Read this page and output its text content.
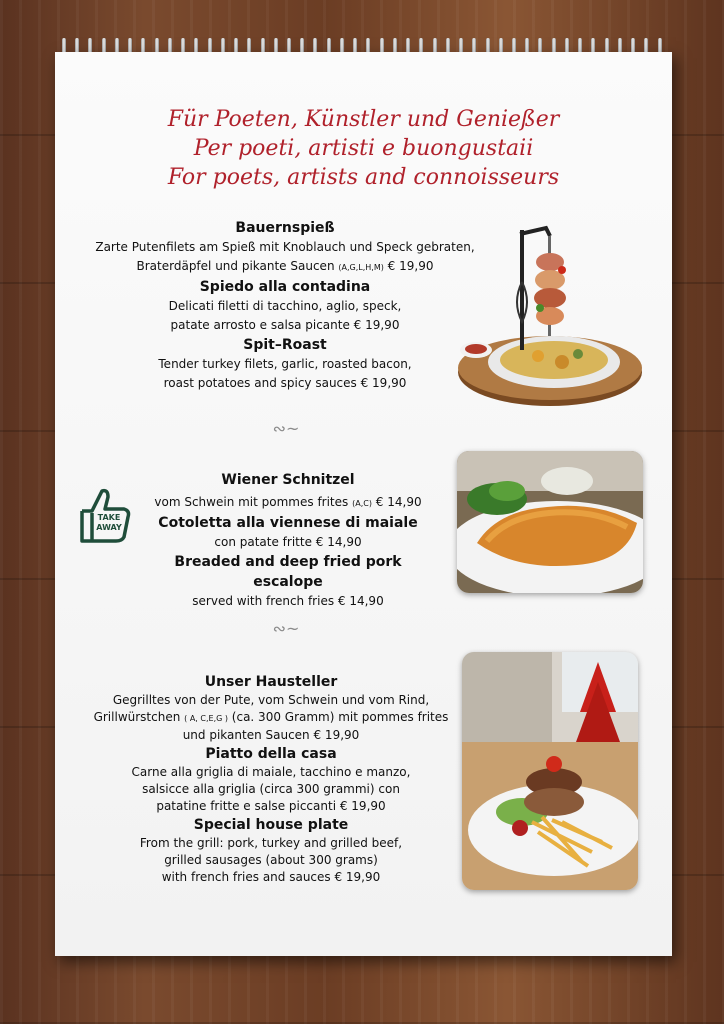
Für Poeten, Künstler und Genießer
Per poeti, artisti e buongustaii
For poets, artists and connoisseurs
Bauernspieß
Zarte Putenfilets am Spieß mit Knoblauch und Speck gebraten,
Braterdäpfel und pikante Saucen (A,G,L,H,M) € 19,90
Spiedo alla contadina
Delicati filetti di tacchino, aglio, speck,
patate arrosto e salsa picante € 19,90
Spit–Roast
Tender turkey filets, garlic, roasted bacon,
roast potatoes and spicy sauces € 19,90
∾~
TAKE
AWAY
Wiener Schnitzel
vom Schwein mit pommes frites (A,C) € 14,90
Cotoletta alla viennese di maiale
con patate fritte € 14,90
Breaded and deep fried pork escalope
served with french fries € 14,90
∾~
Unser Hausteller
Gegrilltes von der Pute, vom Schwein und vom Rind,
Grillwürstchen ( A, C,E,G ) (ca. 300 Gramm) mit pommes frites
und pikanten Saucen € 19,90
Piatto della casa
Carne alla griglia di maiale, tacchino e manzo,
salsicce alla griglia (circa 300 grammi) con
patatine fritte e salse piccanti € 19,90
Special house plate
From the grill: pork, turkey and grilled beef,
grilled sausages (about 300 grams)
with french fries and sauces € 19,90
